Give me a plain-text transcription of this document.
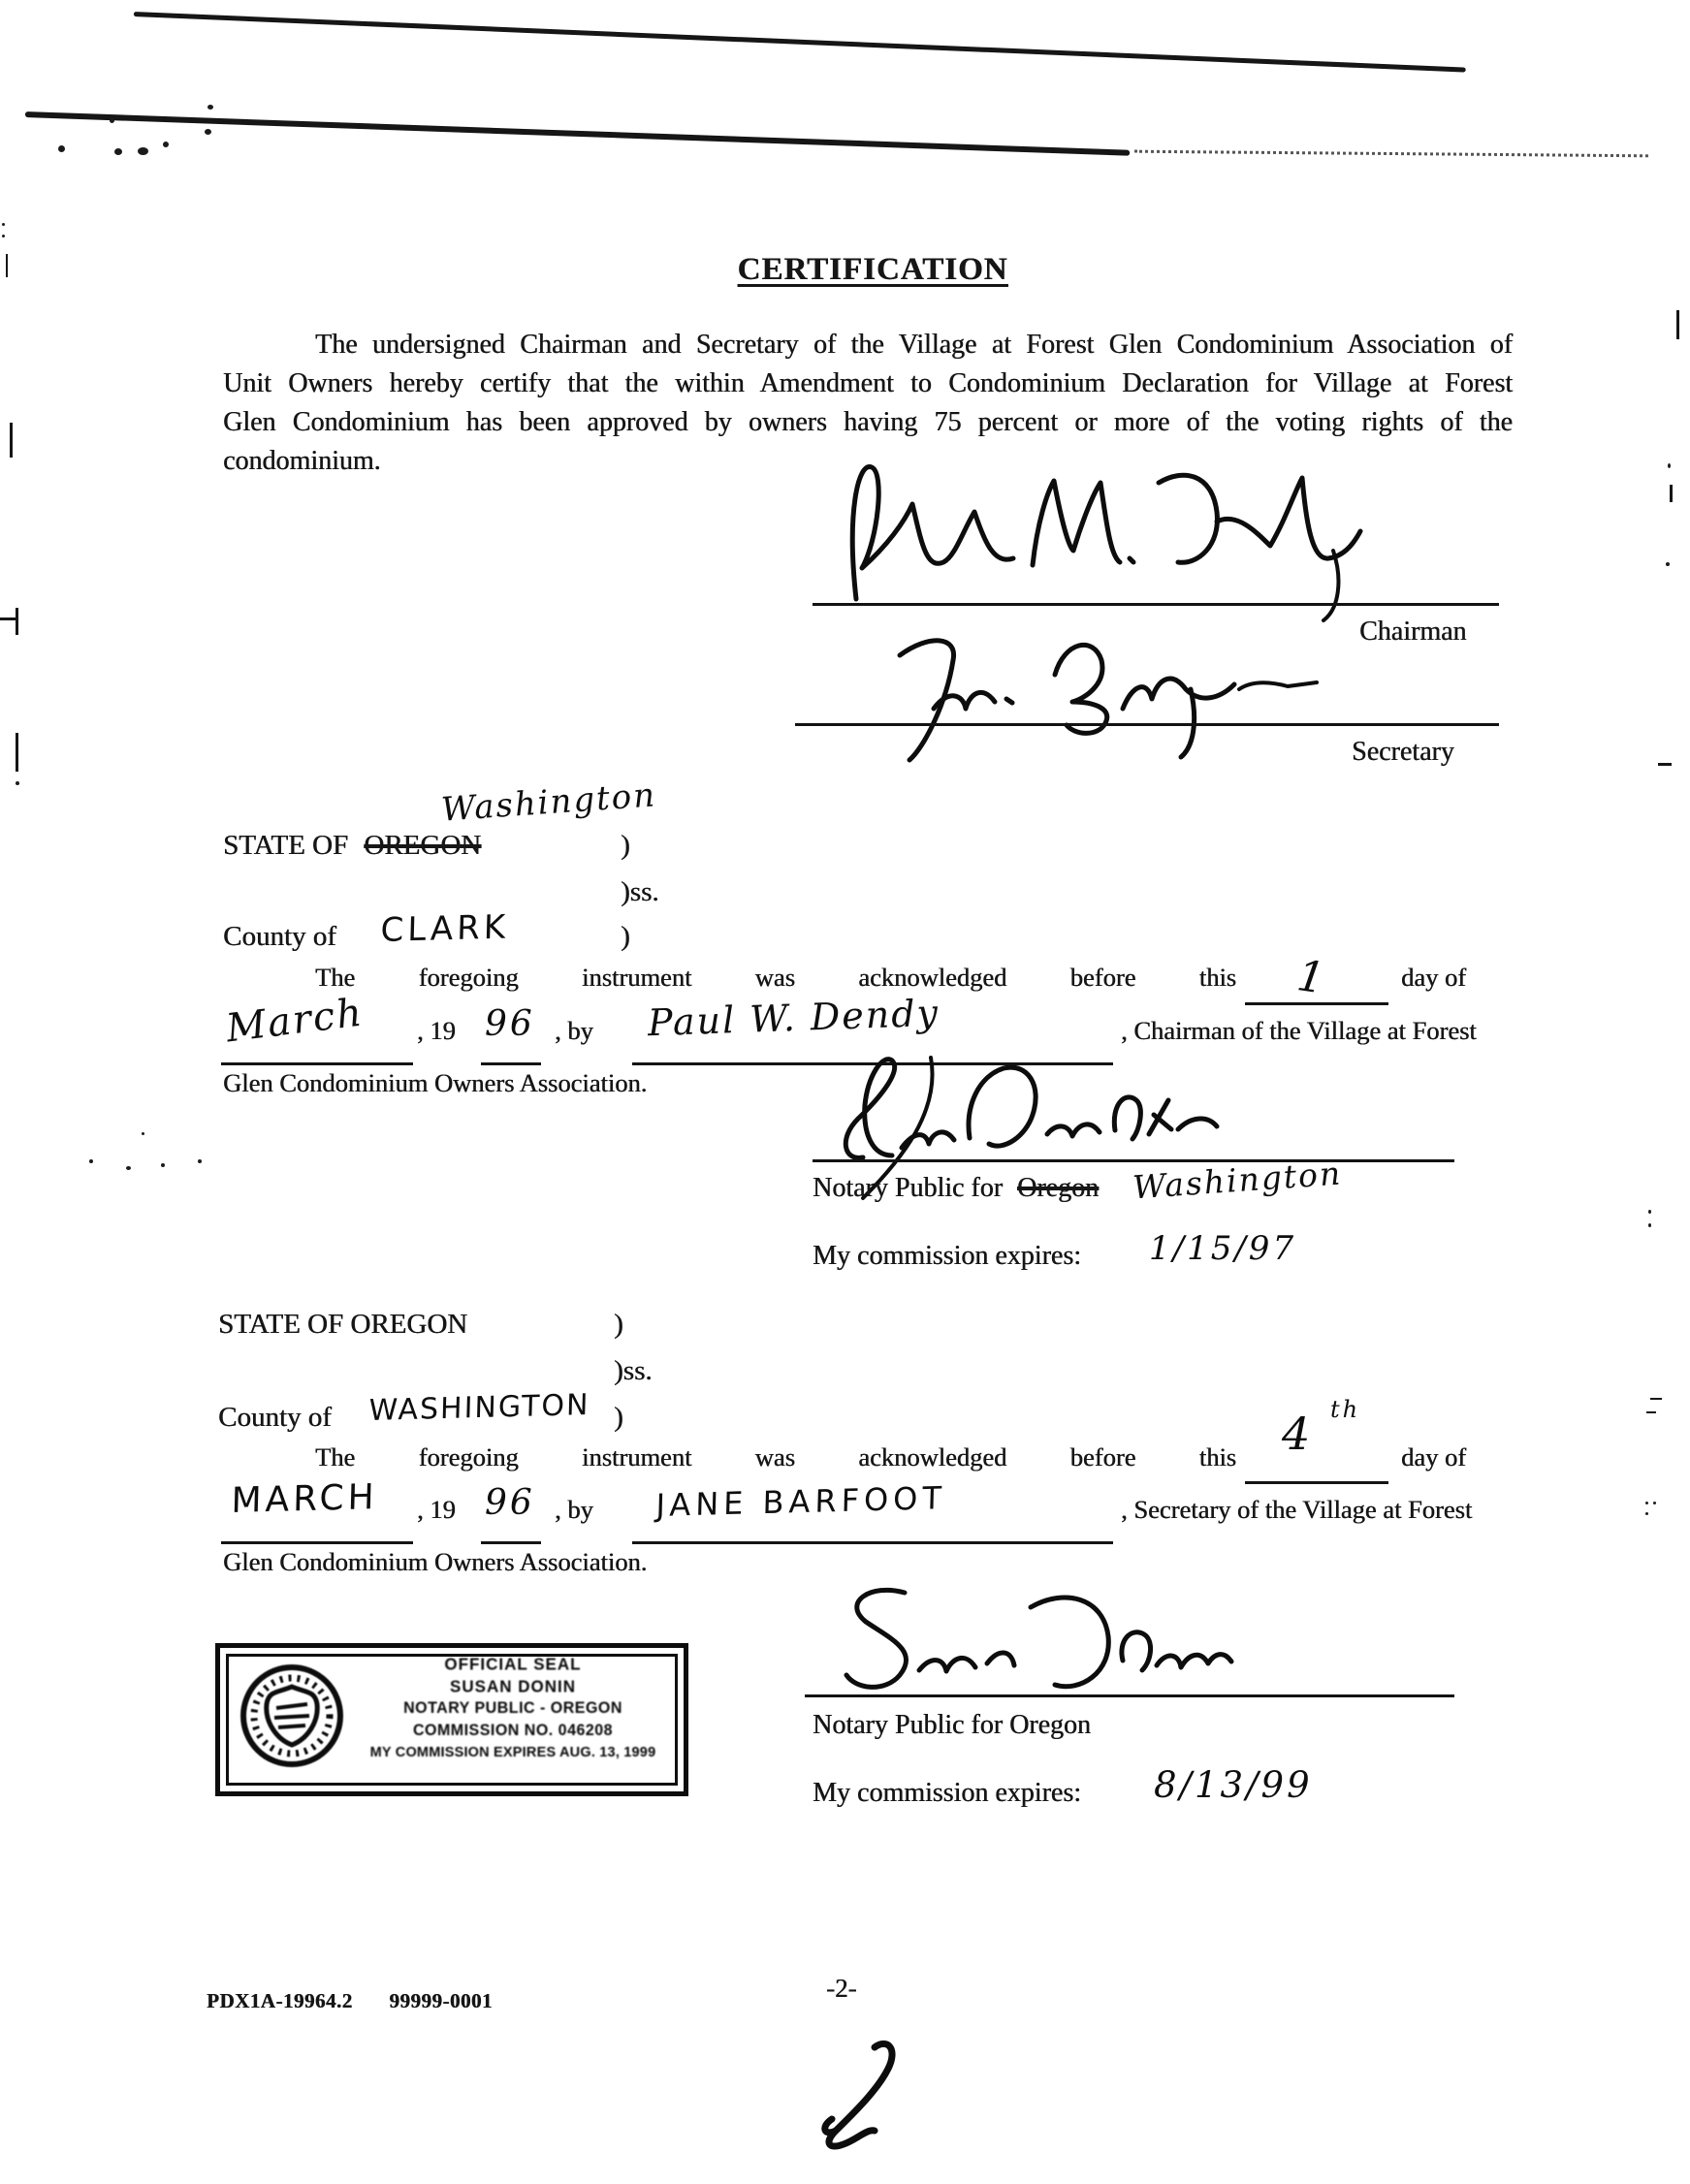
CERTIFICATION
The undersigned Chairman and Secretary of the Village at Forest Glen Condominium Association of Unit Owners hereby certify that the within Amendment to Condominium Declaration for Village at Forest Glen Condominium has been approved by owners having 75 percent or more of the voting rights of the condominium.
Chairman
Secretary
Washington
STATE OF OREGON	)
)ss.
County of CLARK	)
The foregoing instrument was acknowledged before this 1	day of
March , 19 96 , by Paul W. Dendy	, Chairman of the Village at Forest
Glen Condominium Owners Association.
Notary Public for Oregon Washington
My commission expires: 1/15/97
STATE OF OREGON	)
)ss.
County of WASHINGTON )
The foregoing instrument was acknowledged before this 4 th
day of
MARCH , 19 96 , by JANE BARFOOT	, Secretary of the Village at Forest
Glen Condominium Owners Association.
Notary Public for Oregon
My commission expires: 8/13/99
OFFICIAL SEAL
SUSAN DONIN
NOTARY PUBLIC - OREGON
COMMISSION NO. 046208
MY COMMISSION EXPIRES AUG. 13, 1999
PDX1A-19964.2 99999-0001	-2-
